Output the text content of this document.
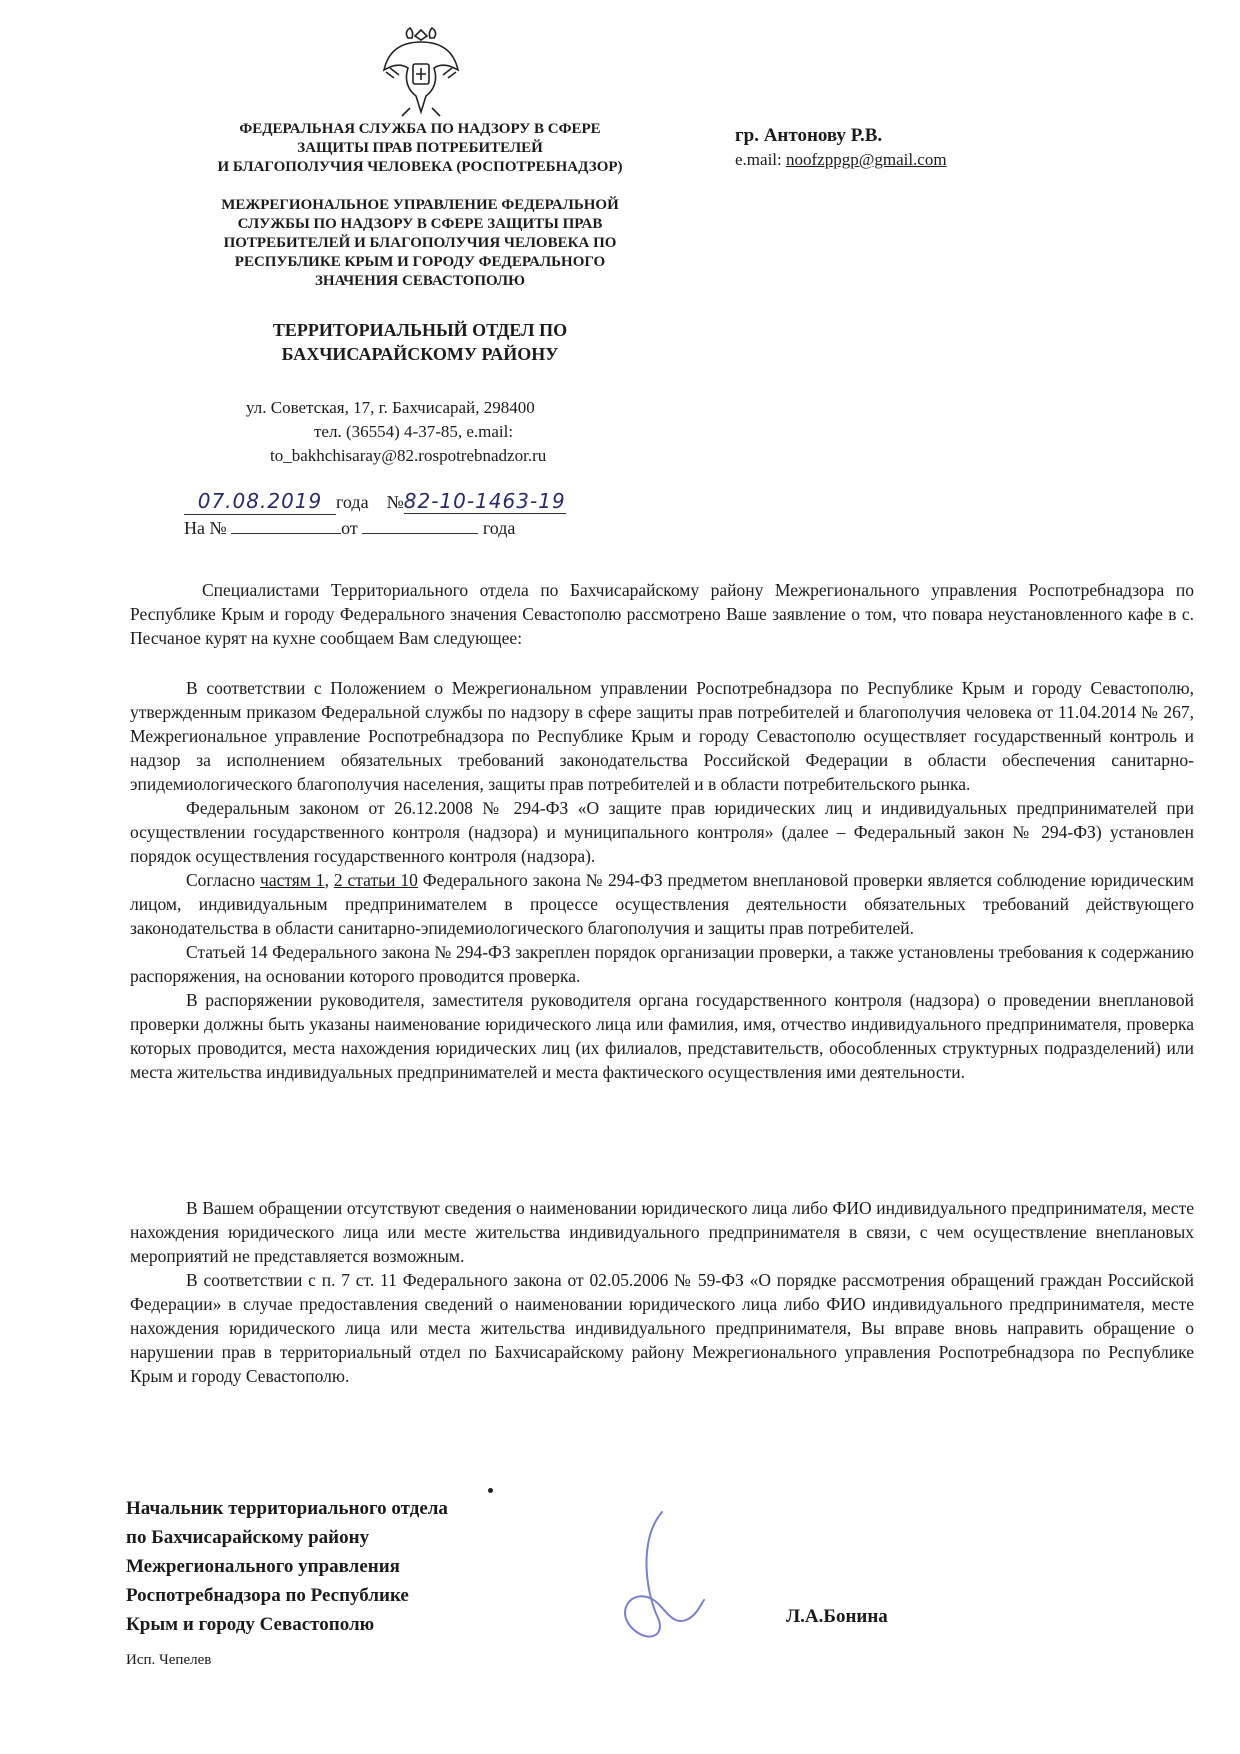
ФЕДЕРАЛЬНАЯ СЛУЖБА ПО НАДЗОРУ В СФЕРЕ
ЗАЩИТЫ ПРАВ ПОТРЕБИТЕЛЕЙ
И БЛАГОПОЛУЧИЯ ЧЕЛОВЕКА (РОСПОТРЕБНАДЗОР)
МЕЖРЕГИОНАЛЬНОЕ УПРАВЛЕНИЕ ФЕДЕРАЛЬНОЙ
СЛУЖБЫ ПО НАДЗОРУ В СФЕРЕ ЗАЩИТЫ ПРАВ
ПОТРЕБИТЕЛЕЙ И БЛАГОПОЛУЧИЯ ЧЕЛОВЕКА ПО
РЕСПУБЛИКЕ КРЫМ И ГОРОДУ ФЕДЕРАЛЬНОГО
ЗНАЧЕНИЯ СЕВАСТОПОЛЮ
ТЕРРИТОРИАЛЬНЫЙ ОТДЕЛ ПО
БАХЧИСАРАЙСКОМУ РАЙОНУ
ул. Советская, 17, г. Бахчисарай, 298400
тел. (36554) 4-37-85, e.mail:
to_bakhchisaray@82.rospotrebnadzor.ru
гр. Антонову Р.В.
e.mail: noofzppgp@gmail.com
07.08.2019 года №82-10-1463-19
На №	от	года

Специалистами Территориального отдела по Бахчисарайскому району Межрегионального управления Роспотребнадзора по Республике Крым и городу Федерального значения Севастополю рассмотрено Ваше заявление о том, что повара неустановленного кафе в с. Песчаное курят на кухне сообщаем Вам следующее:

В соответствии с Положением о Межрегиональном управлении Роспотребнадзора по Республике Крым и городу Севастополю, утвержденным приказом Федеральной службы по надзору в сфере защиты прав потребителей и благополучия человека от 11.04.2014 № 267, Межрегиональное управление Роспотребнадзора по Республике Крым и городу Севастополю осуществляет государственный контроль и надзор за исполнением обязательных требований законодательства Российской Федерации в области обеспечения санитарно-эпидемиологического благополучия населения, защиты прав потребителей и в области потребительского рынка.

Федеральным законом от 26.12.2008 № 294-ФЗ «О защите прав юридических лиц и индивидуальных предпринимателей при осуществлении государственного контроля (надзора) и муниципального контроля» (далее – Федеральный закон № 294-ФЗ) установлен порядок осуществления государственного контроля (надзора).

Согласно частям 1, 2 статьи 10 Федерального закона № 294-ФЗ предметом внеплановой проверки является соблюдение юридическим лицом, индивидуальным предпринимателем в процессе осуществления деятельности обязательных требований действующего законодательства в области санитарно-эпидемиологического благополучия и защиты прав потребителей.

Статьей 14 Федерального закона № 294-ФЗ закреплен порядок организации проверки, а также установлены требования к содержанию распоряжения, на основании которого проводится проверка.

В распоряжении руководителя, заместителя руководителя органа государственного контроля (надзора) о проведении внеплановой проверки должны быть указаны наименование юридического лица или фамилия, имя, отчество индивидуального предпринимателя, проверка которых проводится, места нахождения юридических лиц (их филиалов, представительств, обособленных структурных подразделений) или места жительства индивидуальных предпринимателей и места фактического осуществления ими деятельности.

В Вашем обращении отсутствуют сведения о наименовании юридического лица либо ФИО индивидуального предпринимателя, месте нахождения юридического лица или месте жительства индивидуального предпринимателя в связи, с чем осуществление внеплановых мероприятий не представляется возможным.

В соответствии с п. 7 ст. 11 Федерального закона от 02.05.2006 № 59-ФЗ «О порядке рассмотрения обращений граждан Российской Федерации» в случае предоставления сведений о наименовании юридического лица либо ФИО индивидуального предпринимателя, месте нахождения юридического лица или места жительства индивидуального предпринимателя, Вы вправе вновь направить обращение о нарушении прав в территориальный отдел по Бахчисарайскому району Межрегионального управления Роспотребнадзора по Республике Крым и городу Севастополю.

Начальник территориального отдела
по Бахчисарайскому району
Межрегионального управления
Роспотребнадзора по Республике
Крым и городу Севастополю	Л.А.Бонина
Исп. Чепелев
